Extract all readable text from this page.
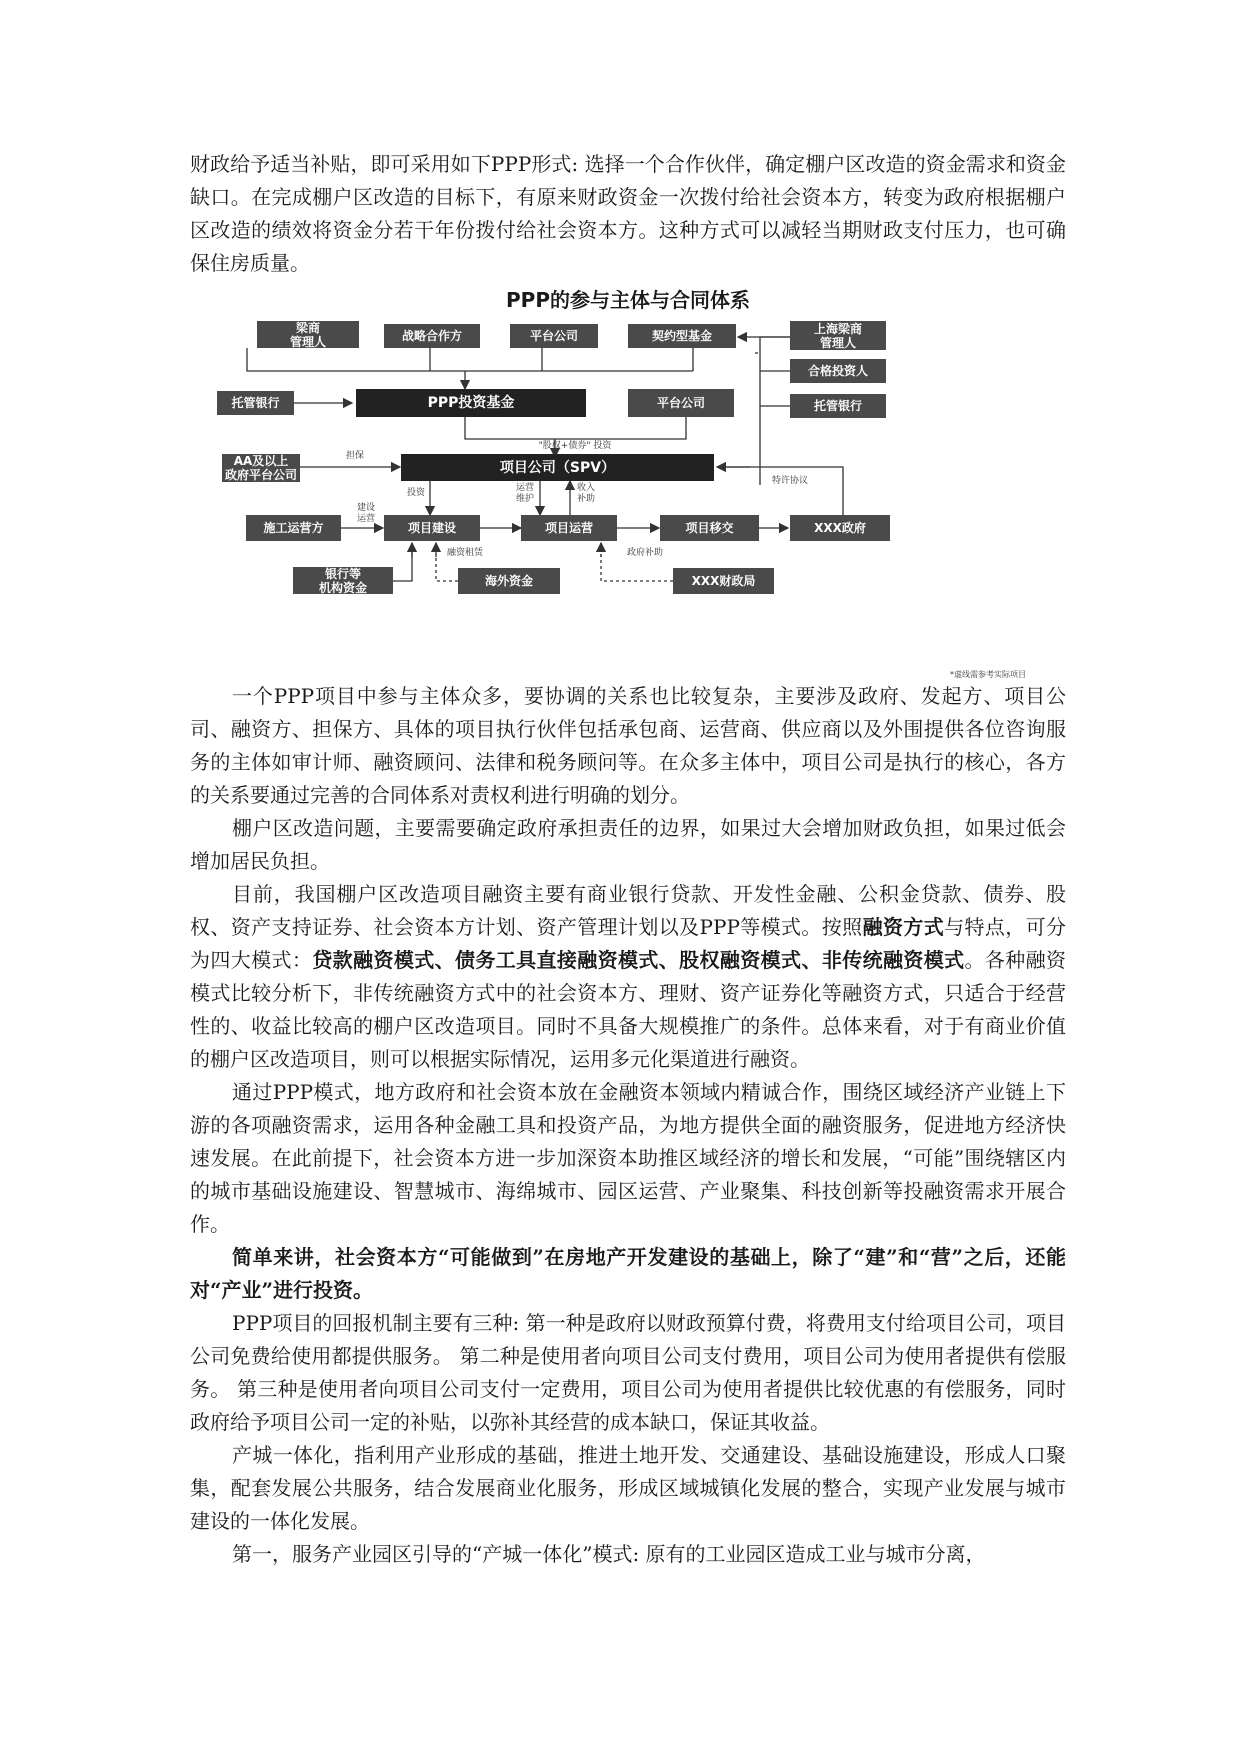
财政给予适当补贴，即可采用如下PPP形式: 选择一个合作伙伴，确定棚户区改造的资金需求和资金缺口。在完成棚户区改造的目标下，有原来财政资金一次拨付给社会资本方，转变为政府根据棚户区改造的绩效将资金分若干年份拨付给社会资本方。这种方式可以减轻当期财政支付压力，也可确保住房质量。

PPP的参与主体与合同体系
梁商
管理人	战略合作方	平台公司	契约型基金
上海梁商
管理人
合格投资人
托管银行
托管银行	PPP投资基金	平台公司
"股权+债券" 投资
AA及以上
政府平台公司
担保
项目公司（SPV）
特许协议
投资	运营
维护
收入
补助
建设
运营
施工运营方	项目建设	项目运营	项目移交	XXX政府
融资租赁	政府补助
银行等
机构资金	海外资金	XXX财政局
*虚线需参考实际项目

一个PPP项目中参与主体众多，要协调的关系也比较复杂，主要涉及政府、发起方、项目公司、融资方、担保方、具体的项目执行伙伴包括承包商、运营商、供应商以及外围提供各位咨询服务的主体如审计师、融资顾问、法律和税务顾问等。在众多主体中，项目公司是执行的核心，各方的关系要通过完善的合同体系对责权利进行明确的划分。

棚户区改造问题，主要需要确定政府承担责任的边界，如果过大会增加财政负担，如果过低会增加居民负担。

目前，我国棚户区改造项目融资主要有商业银行贷款、开发性金融、公积金贷款、债券、股权、资产支持证券、社会资本方计划、资产管理计划以及PPP等模式。按照融资方式与特点，可分为四大模式：贷款融资模式、债务工具直接融资模式、股权融资模式、非传统融资模式。各种融资模式比较分析下，非传统融资方式中的社会资本方、理财、资产证券化等融资方式，只适合于经营性的、收益比较高的棚户区改造项目。同时不具备大规模推广的条件。总体来看，对于有商业价值的棚户区改造项目，则可以根据实际情况，运用多元化渠道进行融资。

通过PPP模式，地方政府和社会资本放在金融资本领域内精诚合作，围绕区域经济产业链上下游的各项融资需求，运用各种金融工具和投资产品，为地方提供全面的融资服务，促进地方经济快速发展。在此前提下，社会资本方进一步加深资本助推区域经济的增长和发展，“可能”围绕辖区内的城市基础设施建设、智慧城市、海绵城市、园区运营、产业聚集、科技创新等投融资需求开展合作。

简单来讲，社会资本方“可能做到”在房地产开发建设的基础上，除了“建”和“营”之后，还能对“产业”进行投资。

PPP项目的回报机制主要有三种: 第一种是政府以财政预算付费，将费用支付给项目公司，项目公司免费给使用都提供服务。 第二种是使用者向项目公司支付费用，项目公司为使用者提供有偿服务。 第三种是使用者向项目公司支付一定费用，项目公司为使用者提供比较优惠的有偿服务，同时政府给予项目公司一定的补贴，以弥补其经营的成本缺口，保证其收益。

产城一体化，指利用产业形成的基础，推进土地开发、交通建设、基础设施建设，形成人口聚集，配套发展公共服务，结合发展商业化服务，形成区域城镇化发展的整合，实现产业发展与城市建设的一体化发展。

第一，服务产业园区引导的“产城一体化”模式: 原有的工业园区造成工业与城市分离，
